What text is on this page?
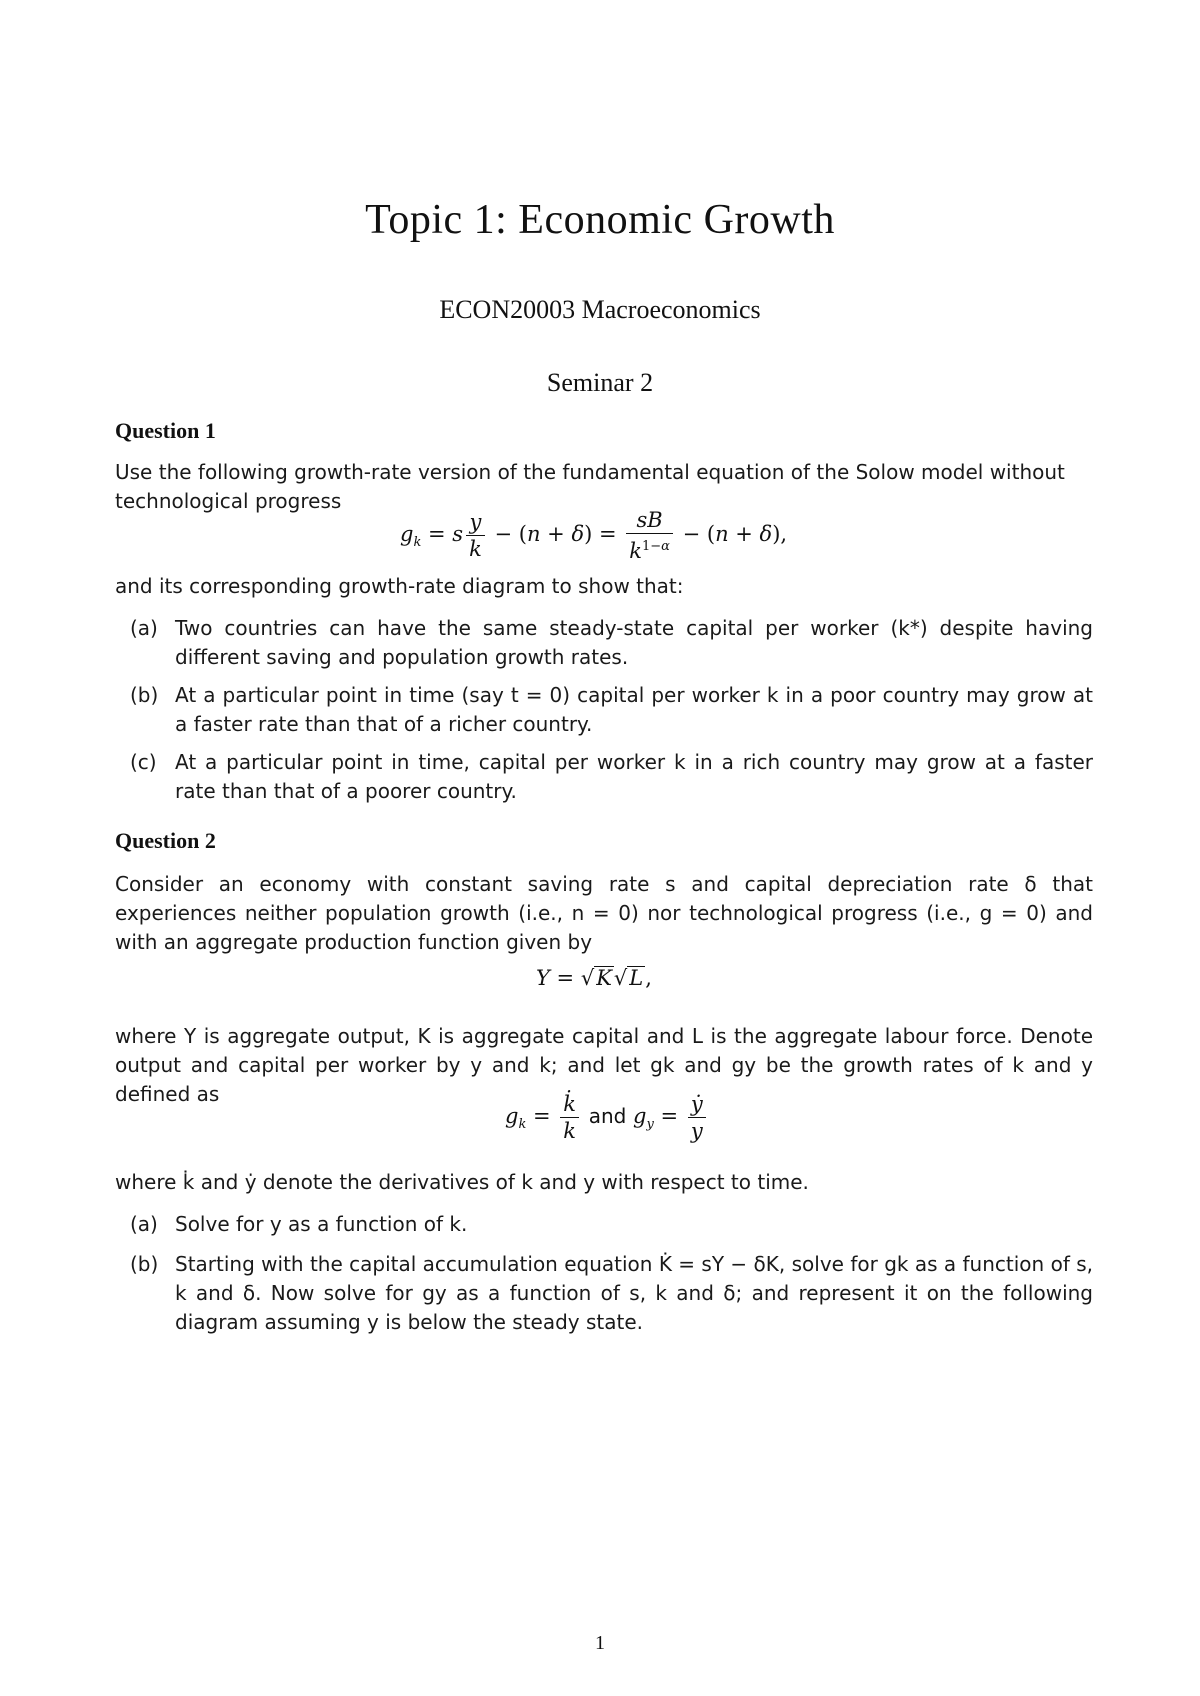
Topic 1: Economic Growth
ECON20003 Macroeconomics
Seminar 2
Question 1
Use the following growth-rate version of the fundamental equation of the Solow model without
technological progress
$g_k = s \frac{y}{k} - (n + \delta) = \frac{sB}{k^{1-\alpha}} - (n + \delta)$,
and its corresponding growth-rate diagram to show that:
(a) Two countries can have the same steady-state capital per worker (k*) despite having different saving and population growth rates.
(b) At a particular point in time (say t = 0) capital per worker k in a poor country may grow at a faster rate than that of a richer country.
(c) At a particular point in time, capital per worker k in a rich country may grow at a faster rate than that of a poorer country.
Question 2
Consider an economy with constant saving rate s and capital depreciation rate δ that experiences neither population growth (i.e., n = 0) nor technological progress (i.e., g = 0) and with an aggregate production function given by
Y = √K√L,
where Y is aggregate output, K is aggregate capital and L is the aggregate labour force. Denote output and capital per worker by y and k; and let gk and gy be the growth rates of k and y defined as
$g_k = \frac{k̇}{k}$ and $g_y = \frac{\text{ẏ}}{y}$
where k̇ and ẏ denote the derivatives of k and y with respect to time.
(a) Solve for y as a function of k.
(b) Starting with the capital accumulation equation K̇ = sY − δK, solve for gk as a function of s, k and δ. Now solve for gy as a function of s, k and δ; and represent it on the following diagram assuming y is below the steady state.
1
